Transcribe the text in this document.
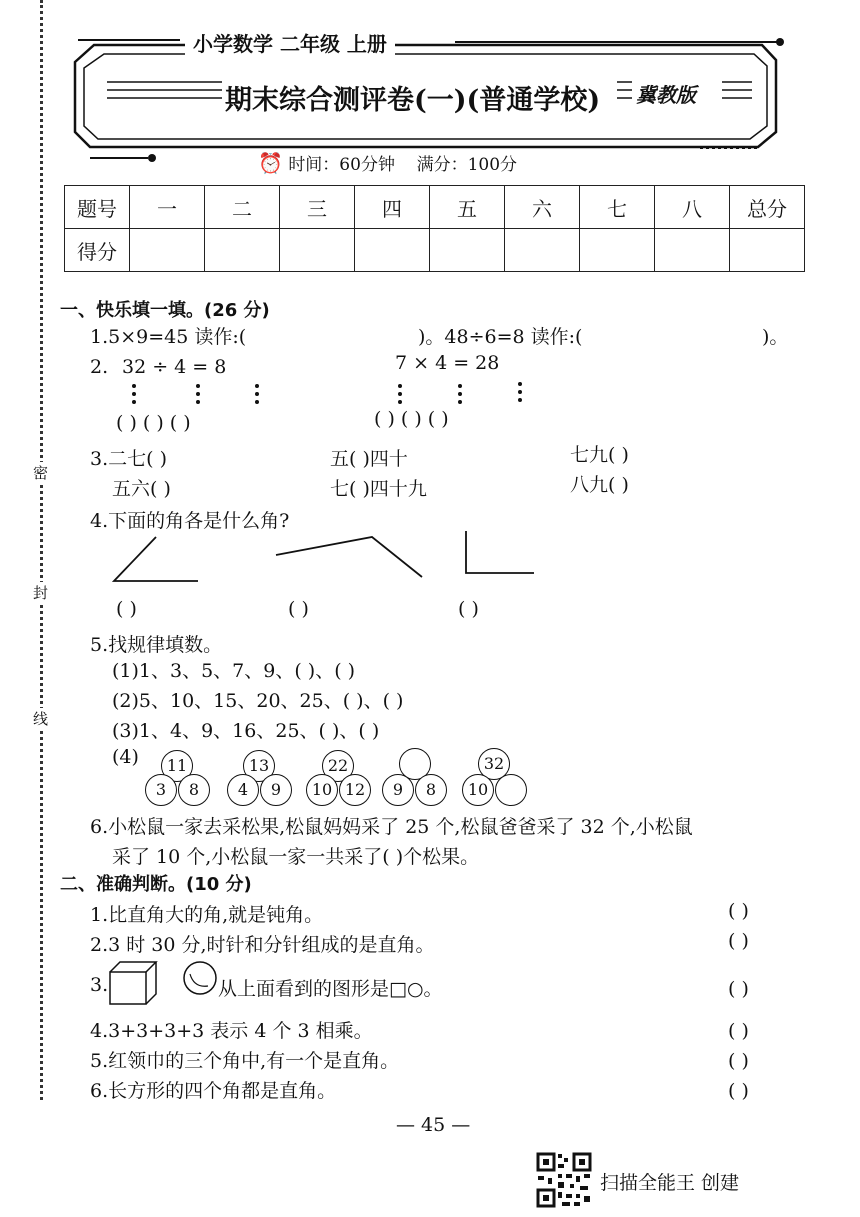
密
封
线
小学数学 二年级 上册
期末综合测评卷(一)(普通学校) 冀教版
⏰ 时间：60分钟 满分：100分
题号	一	二	三	四	五	六	七	八	总分
得分									
一、快乐填一填。(26 分)
1.5×9=45 读作:(	)。48÷6=8 读作:(	)。
2. 32 ÷ 4 = 8	7 × 4 = 28
( ) ( ) ( )	( ) ( ) ( )
3.二七( )	五( )四十	七九( )
五六( )	七( )四十九	八九( )
4.下面的角各是什么角?
( )	( )	( )
5.找规律填数。
(1)1、3、5、7、9、( )、( )
(2)5、10、15、20、25、( )、( )
(3)1、4、9、16、25、( )、( )
(4)	11
3	8
13
4	9
22
10 12	9	8
32
10
6.小松鼠一家去采松果,松鼠妈妈采了 25 个,松鼠爸爸采了 32 个,小松鼠
采了 10 个,小松鼠一家一共采了( )个松果。
二、准确判断。(10 分)
1.比直角大的角,就是钝角。	( )
2.3 时 30 分,时针和分针组成的是直角。	( )
3.	从上面看到的图形是□○。	( )
4.3+3+3+3 表示 4 个 3 相乘。	( )
5.红领巾的三个角中,有一个是直角。	( )
6.长方形的四个角都是直角。	( )
— 45 —
扫描全能王 创建
